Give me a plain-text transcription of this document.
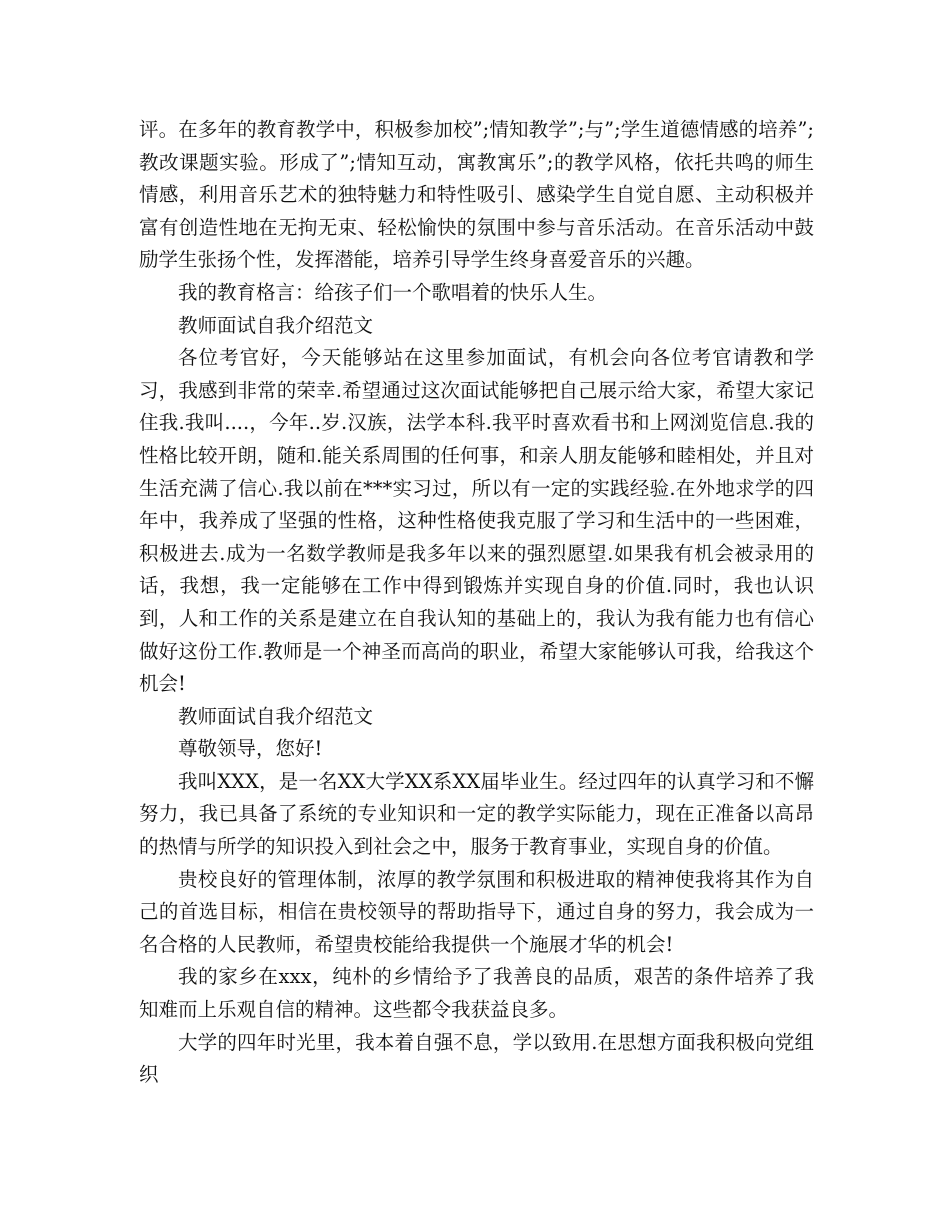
评。在多年的教育教学中，积极参加校”;情知教学”;与”;学生道德情感的培养”;教改课题实验。形成了”;情知互动，寓教寓乐”;的教学风格，依托共鸣的师生情感，利用音乐艺术的独特魅力和特性吸引、感染学生自觉自愿、主动积极并富有创造性地在无拘无束、轻松愉快的氛围中参与音乐活动。在音乐活动中鼓励学生张扬个性，发挥潜能，培养引导学生终身喜爱音乐的兴趣。

我的教育格言：给孩子们一个歌唱着的快乐人生。

教师面试自我介绍范文

各位考官好，今天能够站在这里参加面试，有机会向各位考官请教和学习，我感到非常的荣幸.希望通过这次面试能够把自己展示给大家，希望大家记住我.我叫....，今年..岁.汉族，法学本科.我平时喜欢看书和上网浏览信息.我的性格比较开朗，随和.能关系周围的任何事，和亲人朋友能够和睦相处，并且对生活充满了信心.我以前在***实习过，所以有一定的实践经验.在外地求学的四年中，我养成了坚强的性格，这种性格使我克服了学习和生活中的一些困难，积极进去.成为一名数学教师是我多年以来的强烈愿望.如果我有机会被录用的话，我想，我一定能够在工作中得到锻炼并实现自身的价值.同时，我也认识到，人和工作的关系是建立在自我认知的基础上的，我认为我有能力也有信心做好这份工作.教师是一个神圣而高尚的职业，希望大家能够认可我，给我这个机会!

教师面试自我介绍范文

尊敬领导，您好!

我叫XXX，是一名XX大学XX系XX届毕业生。经过四年的认真学习和不懈努力，我已具备了系统的专业知识和一定的教学实际能力，现在正准备以高昂的热情与所学的知识投入到社会之中，服务于教育事业，实现自身的价值。

贵校良好的管理体制，浓厚的教学氛围和积极进取的精神使我将其作为自己的首选目标，相信在贵校领导的帮助指导下，通过自身的努力，我会成为一名合格的人民教师，希望贵校能给我提供一个施展才华的机会!

我的家乡在xxx，纯朴的乡情给予了我善良的品质，艰苦的条件培养了我知难而上乐观自信的精神。这些都令我获益良多。

大学的四年时光里，我本着自强不息，学以致用.在思想方面我积极向党组织
